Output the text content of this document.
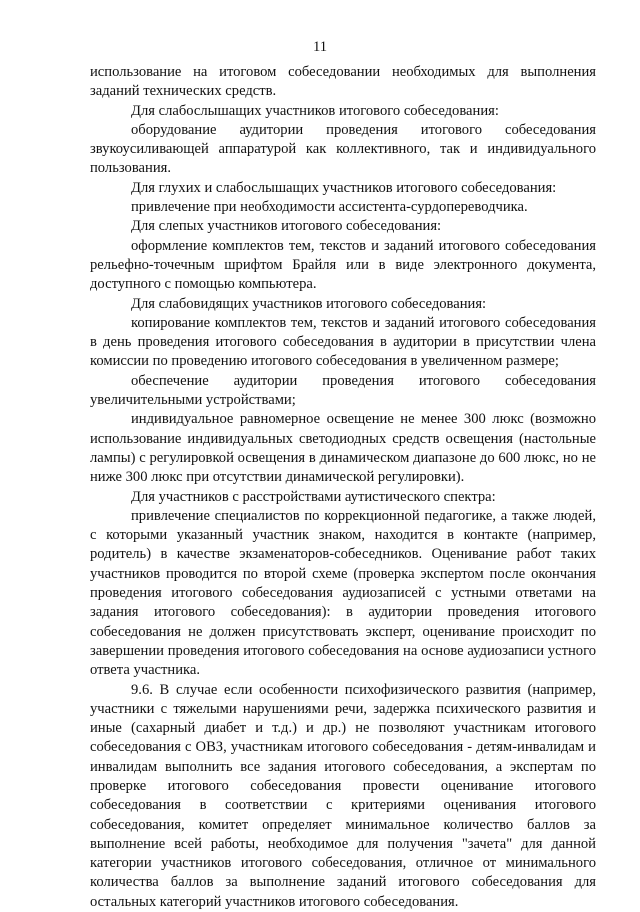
11

использование на итоговом собеседовании необходимых для выполнения заданий технических средств.

Для слабослышащих участников итогового собеседования:

оборудование аудитории проведения итогового собеседования звукоусиливающей аппаратурой как коллективного, так и индивидуального пользования.

Для глухих и слабослышащих участников итогового собеседования:

привлечение при необходимости ассистента-сурдопереводчика.

Для слепых участников итогового собеседования:

оформление комплектов тем, текстов и заданий итогового собеседования рельефно-точечным шрифтом Брайля или в виде электронного документа, доступного с помощью компьютера.

Для слабовидящих участников итогового собеседования:

копирование комплектов тем, текстов и заданий итогового собеседования в день проведения итогового собеседования в аудитории в присутствии члена комиссии по проведению итогового собеседования в увеличенном размере;

обеспечение аудитории проведения итогового собеседования увеличительными устройствами;

индивидуальное равномерное освещение не менее 300 люкс (возможно использование индивидуальных светодиодных средств освещения (настольные лампы) с регулировкой освещения в динамическом диапазоне до 600 люкс, но не ниже 300 люкс при отсутствии динамической регулировки).

Для участников с расстройствами аутистического спектра:

привлечение специалистов по коррекционной педагогике, а также людей, с которыми указанный участник знаком, находится в контакте (например, родитель) в качестве экзаменаторов-собеседников. Оценивание работ таких участников проводится по второй схеме (проверка экспертом после окончания проведения итогового собеседования аудиозаписей с устными ответами на задания итогового собеседования): в аудитории проведения итогового собеседования не должен присутствовать эксперт, оценивание происходит по завершении проведения итогового собеседования на основе аудиозаписи устного ответа участника.

9.6. В случае если особенности психофизического развития (например, участники с тяжелыми нарушениями речи, задержка психического развития и иные (сахарный диабет и т.д.) и др.) не позволяют участникам итогового собеседования с ОВЗ, участникам итогового собеседования - детям-инвалидам и инвалидам выполнить все задания итогового собеседования, а экспертам по проверке итогового собеседования провести оценивание итогового собеседования в соответствии с критериями оценивания итогового собеседования, комитет определяет минимальное количество баллов за выполнение всей работы, необходимое для получения "зачета" для данной категории участников итогового собеседования, отличное от минимального количества баллов за выполнение заданий итогового собеседования для остальных категорий участников итогового собеседования.
